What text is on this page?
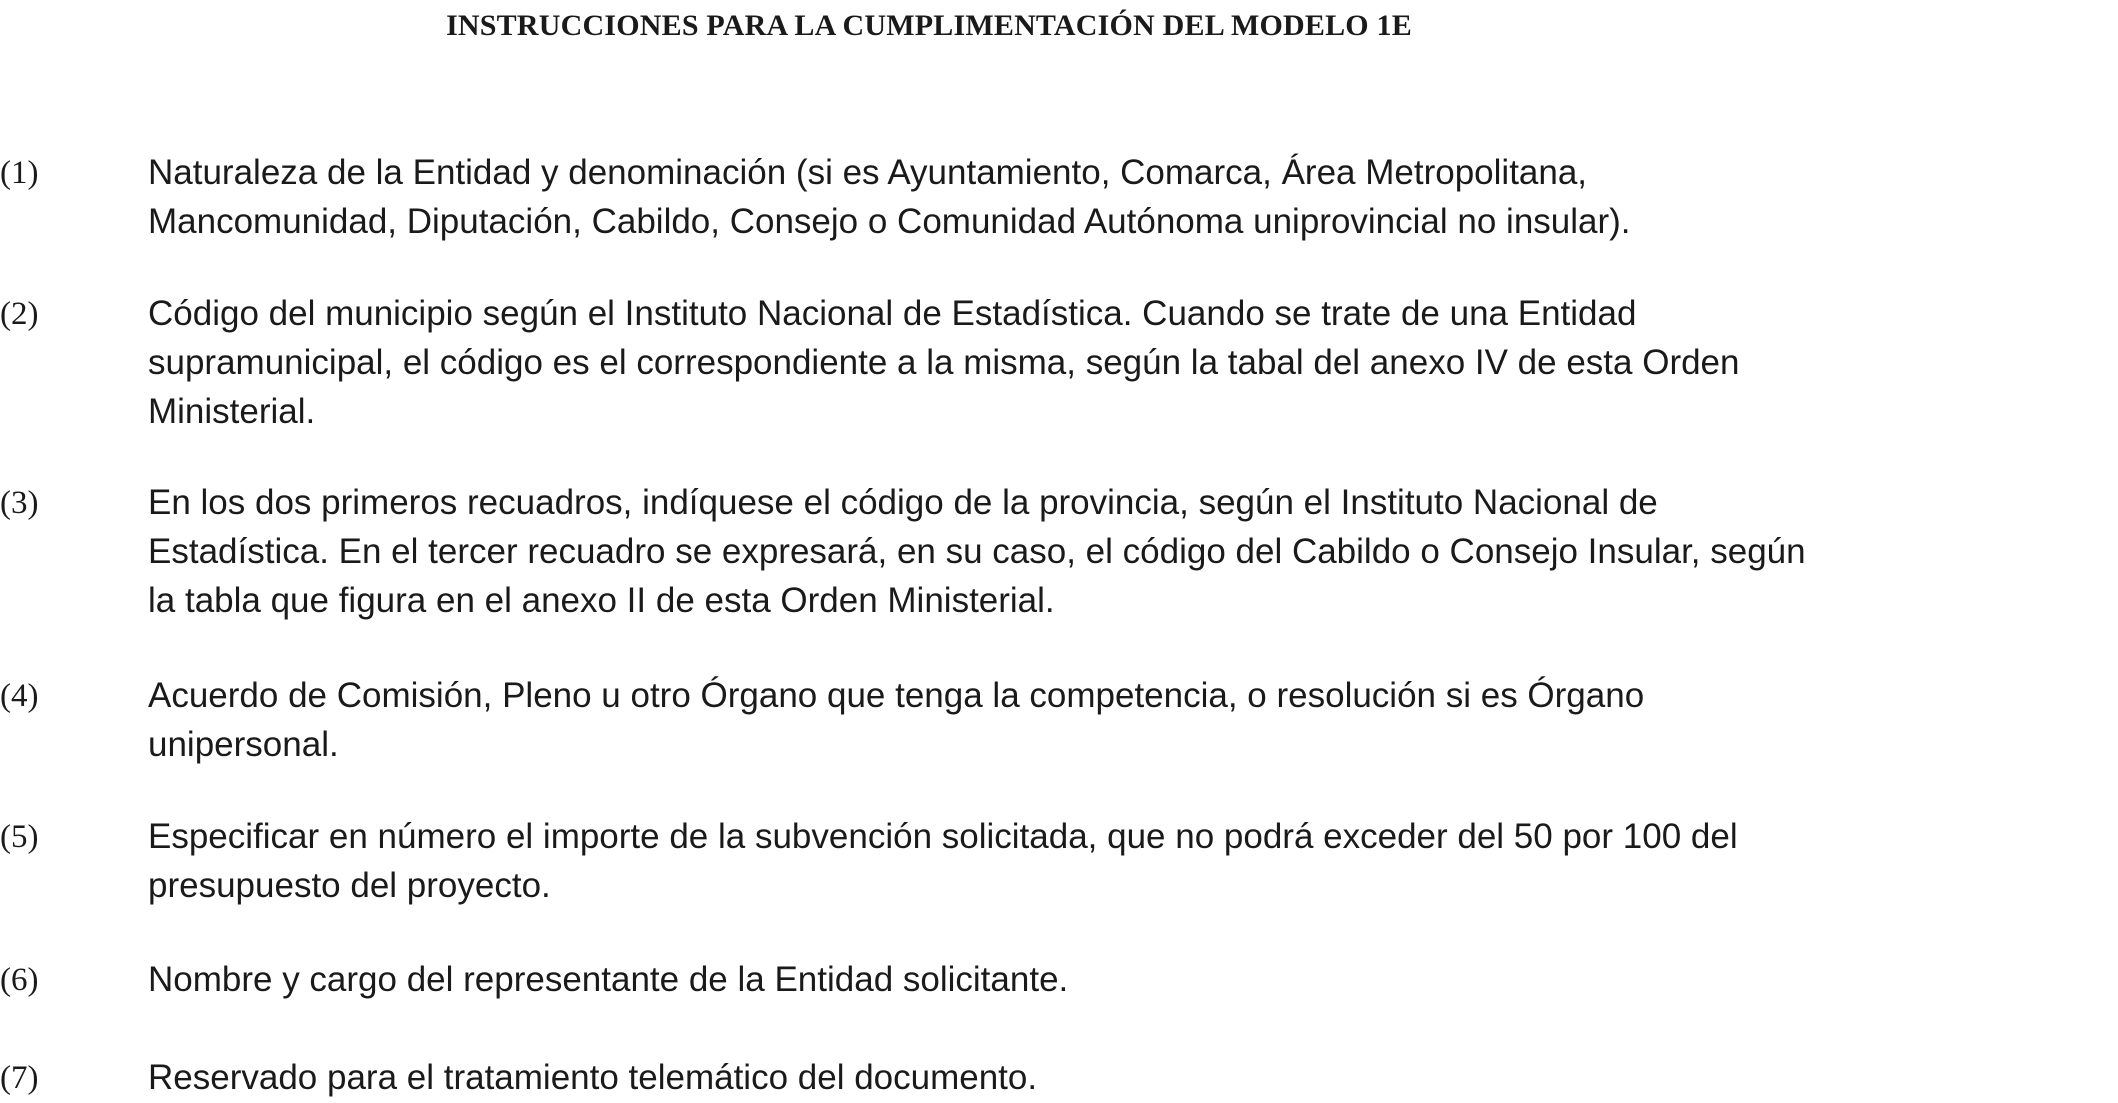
INSTRUCCIONES PARA LA CUMPLIMENTACIÓN DEL MODELO 1E
(1)	Naturaleza de la Entidad y denominación (si es Ayuntamiento, Comarca, Área Metropolitana,
Mancomunidad, Diputación, Cabildo, Consejo o Comunidad Autónoma uniprovincial no insular).
(2)	Código del municipio según el Instituto Nacional de Estadística. Cuando se trate de una Entidad
supramunicipal, el código es el correspondiente a la misma, según la tabal del anexo IV de esta Orden
Ministerial.
(3)	En los dos primeros recuadros, indíquese el código de la provincia, según el Instituto Nacional de
Estadística. En el tercer recuadro se expresará, en su caso, el código del Cabildo o Consejo Insular, según
la tabla que figura en el anexo II de esta Orden Ministerial.
(4)	Acuerdo de Comisión, Pleno u otro Órgano que tenga la competencia, o resolución si es Órgano
unipersonal.
(5)	Especificar en número el importe de la subvención solicitada, que no podrá exceder del 50 por 100 del
presupuesto del proyecto.
(6)	Nombre y cargo del representante de la Entidad solicitante.
(7)	Reservado para el tratamiento telemático del documento.
